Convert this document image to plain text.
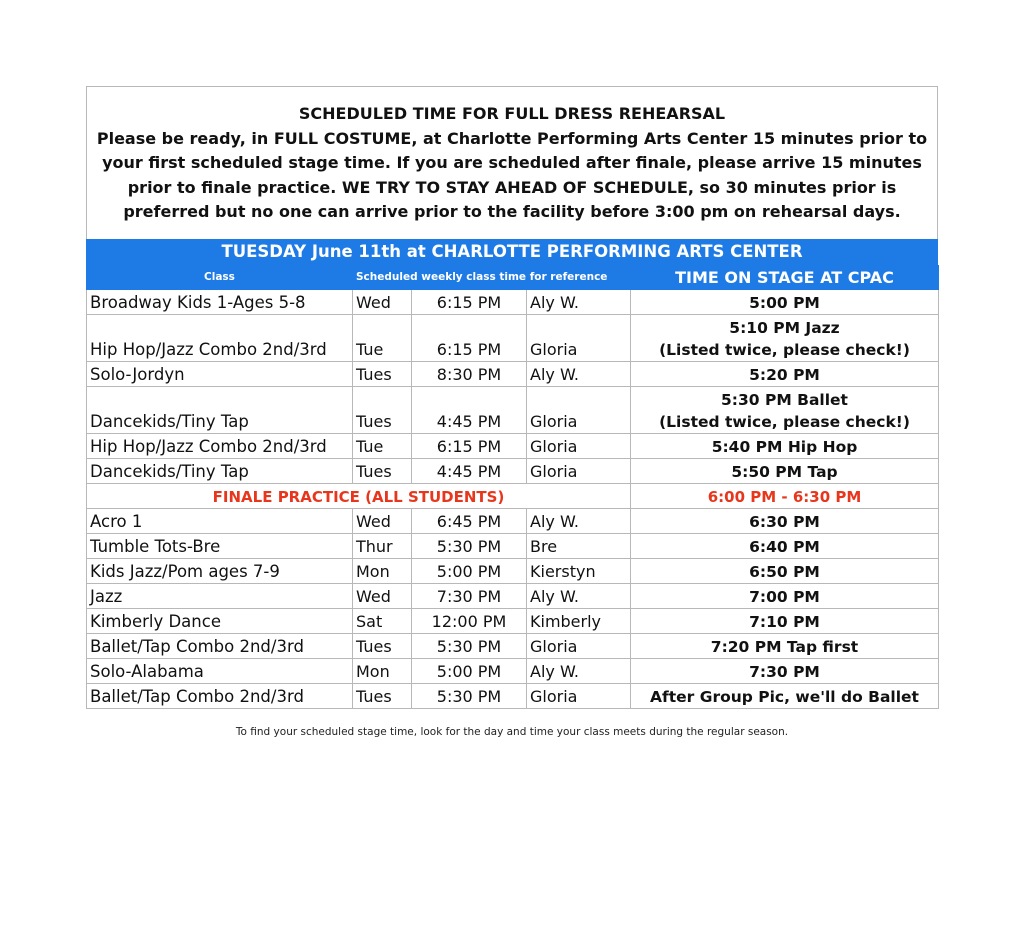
SCHEDULED TIME FOR FULL DRESS REHEARSAL
Please be ready, in FULL COSTUME, at Charlotte Performing Arts Center 15 minutes prior to
your first scheduled stage time. If you are scheduled after finale, please arrive 15 minutes
prior to finale practice. WE TRY TO STAY AHEAD OF SCHEDULE, so 30 minutes prior is
preferred but no one can arrive prior to the facility before 3:00 pm on rehearsal days.
TUESDAY June 11th at CHARLOTTE PERFORMING ARTS CENTER
Class	Scheduled weekly class time for reference			TIME ON STAGE AT CPAC
Broadway Kids 1-Ages 5-8	Wed	6:15 PM	Aly W.	5:00 PM
Hip Hop/Jazz Combo 2nd/3rd	Tue	6:15 PM	Gloria	5:10 PM Jazz
(Listed twice, please check!)

Solo-Jordyn	Tues	8:30 PM	Aly W.	5:20 PM
Dancekids/Tiny Tap	Tues	4:45 PM	Gloria	5:30 PM Ballet
(Listed twice, please check!)

Hip Hop/Jazz Combo 2nd/3rd	Tue	6:15 PM	Gloria	5:40 PM Hip Hop
Dancekids/Tiny Tap	Tues	4:45 PM	Gloria	5:50 PM Tap
FINALE PRACTICE (ALL STUDENTS)				6:00 PM - 6:30 PM
Acro 1	Wed	6:45 PM	Aly W.	6:30 PM
Tumble Tots-Bre	Thur	5:30 PM	Bre	6:40 PM
Kids Jazz/Pom ages 7-9	Mon	5:00 PM	Kierstyn	6:50 PM
Jazz	Wed	7:30 PM	Aly W.	7:00 PM
Kimberly Dance	Sat	12:00 PM	Kimberly	7:10 PM
Ballet/Tap Combo 2nd/3rd	Tues	5:30 PM	Gloria	7:20 PM Tap first
Solo-Alabama	Mon	5:00 PM	Aly W.	7:30 PM
Ballet/Tap Combo 2nd/3rd	Tues	5:30 PM	Gloria	After Group Pic, we'll do Ballet
To find your scheduled stage time, look for the day and time your class meets during the regular season.
